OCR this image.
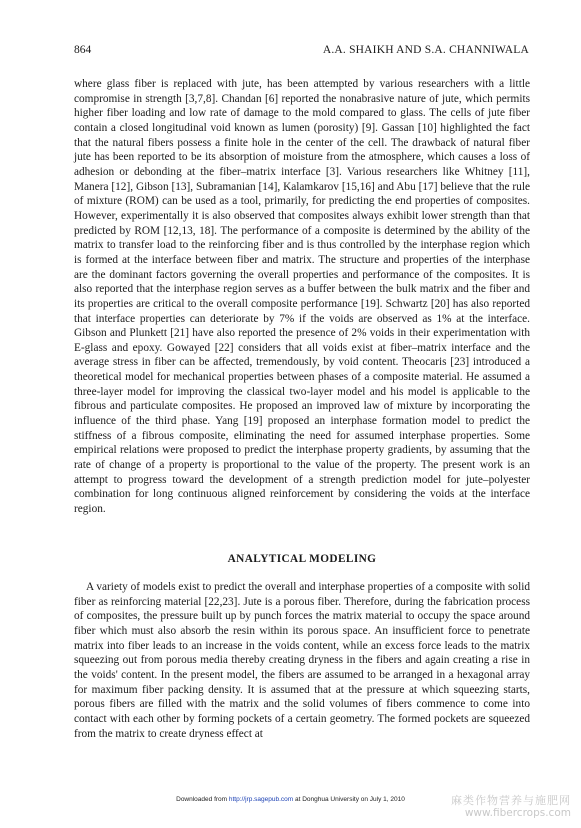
864	A.A. SHAIKH AND S.A. CHANNIWALA

where glass fiber is replaced with jute, has been attempted by various researchers with a little compromise in strength [3,7,8]. Chandan [6] reported the nonabrasive nature of jute, which permits higher fiber loading and low rate of damage to the mold compared to glass. The cells of jute fiber contain a closed longitudinal void known as lumen (porosity) [9]. Gassan [10] highlighted the fact that the natural fibers possess a finite hole in the center of the cell. The drawback of natural fiber jute has been reported to be its absorption of moisture from the atmosphere, which causes a loss of adhesion or debonding at the fiber–matrix interface [3]. Various researchers like Whitney [11], Manera [12], Gibson [13], Subramanian [14], Kalamkarov [15,16] and Abu [17] believe that the rule of mixture (ROM) can be used as a tool, primarily, for predicting the end properties of composites. However, experimentally it is also observed that composites always exhibit lower strength than that predicted by ROM [12,13, 18]. The performance of a composite is determined by the ability of the matrix to transfer load to the reinforcing fiber and is thus controlled by the interphase region which is formed at the interface between fiber and matrix. The structure and properties of the interphase are the dominant factors governing the overall properties and performance of the composites. It is also reported that the interphase region serves as a buffer between the bulk matrix and the fiber and its properties are critical to the overall composite performance [19]. Schwartz [20] has also reported that interface properties can deteriorate by 7% if the voids are observed as 1% at the interface. Gibson and Plunkett [21] have also reported the presence of 2% voids in their experimentation with E-glass and epoxy. Gowayed [22] considers that all voids exist at fiber–matrix interface and the average stress in fiber can be affected, tremendously, by void content. Theocaris [23] introduced a theoretical model for mechanical properties between phases of a composite material. He assumed a three-layer model for improving the classical two-layer model and his model is applicable to the fibrous and particulate composites. He proposed an improved law of mixture by incorporating the influence of the third phase. Yang [19] proposed an interphase formation model to predict the stiffness of a fibrous composite, eliminating the need for assumed interphase properties. Some empirical relations were proposed to predict the interphase property gradients, by assuming that the rate of change of a property is proportional to the value of the property. The present work is an attempt to progress toward the development of a strength prediction model for jute–polyester combination for long continuous aligned reinforcement by considering the voids at the interface region.

ANALYTICAL MODELING

A variety of models exist to predict the overall and interphase properties of a composite with solid fiber as reinforcing material [22,23]. Jute is a porous fiber. Therefore, during the fabrication process of composites, the pressure built up by punch forces the matrix material to occupy the space around fiber which must also absorb the resin within its porous space. An insufficient force to penetrate matrix into fiber leads to an increase in the voids content, while an excess force leads to the matrix squeezing out from porous media thereby creating dryness in the fibers and again creating a rise in the voids' content. In the present model, the fibers are assumed to be arranged in a hexagonal array for maximum fiber packing density. It is assumed that at the pressure at which squeezing starts, porous fibers are filled with the matrix and the solid volumes of fibers commence to come into contact with each other by forming pockets of a certain geometry. The formed pockets are squeezed from the matrix to create dryness effect at

Downloaded from http://jrp.sagepub.com at Donghua University on July 1, 2010	麻类作物营养与施肥网
www.fibercrops.com
